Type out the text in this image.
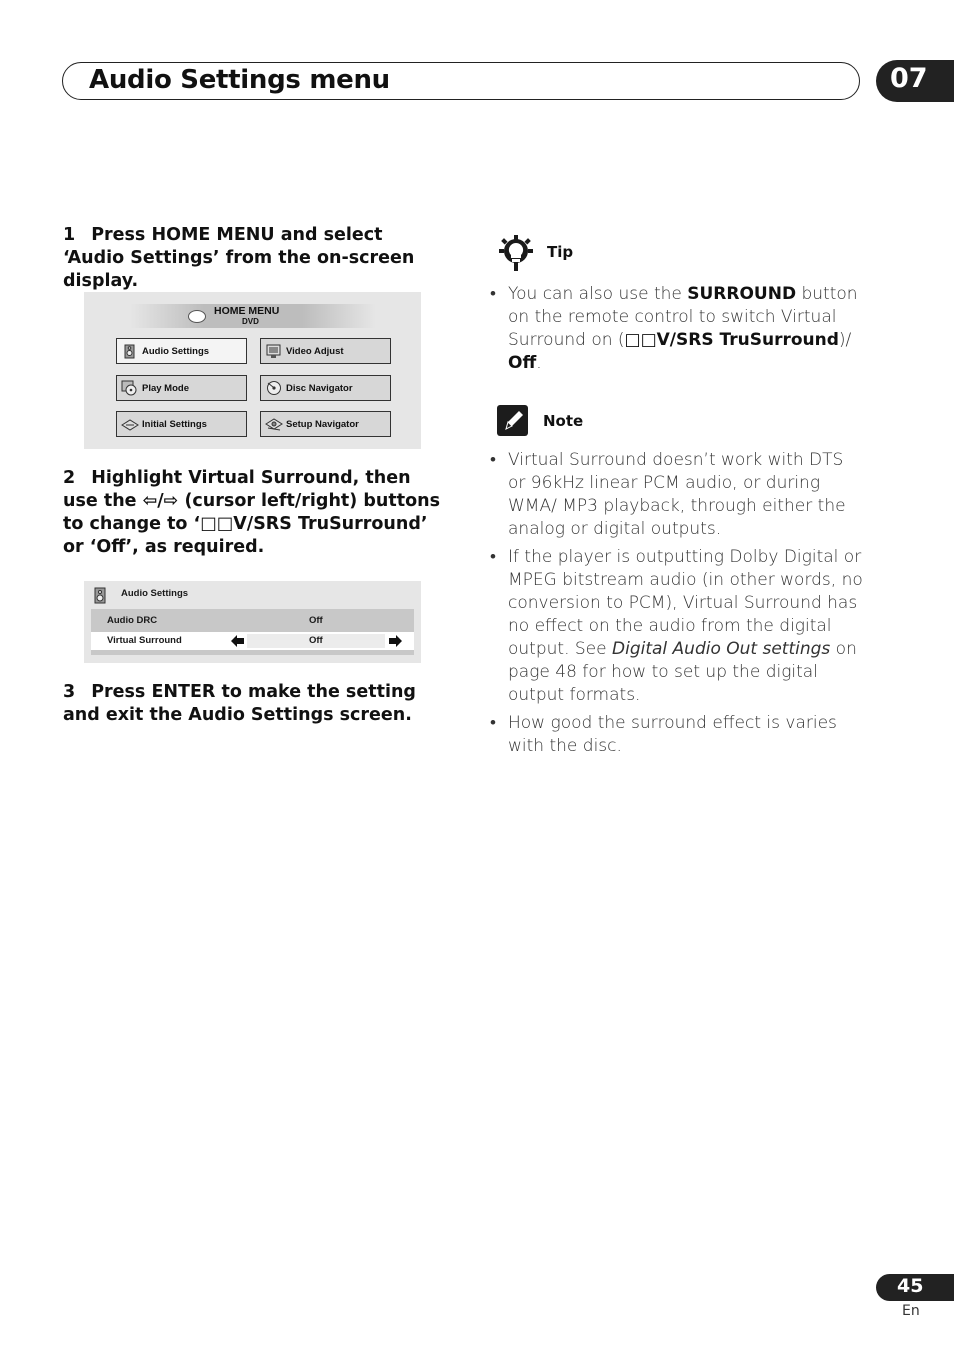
Audio Settings menu	07
1 Press HOME MENU and select ‘Audio Settings’ from the on-screen display.
HOME MENU
DVD
Audio Settings	Video Adjust
Play Mode	Disc Navigator
Initial Settings	Setup Navigator
2 Highlight Virtual Surround, then use the ⇦/⇨ (cursor left/right) buttons to change to ‘□□V/SRS TruSurround’ or ‘Off’, as required.
Audio Settings
Audio DRC	Off
Virtual Surround	Off
3 Press ENTER to make the setting and exit the Audio Settings screen.
Tip
• You can also use the SURROUND button on the remote control to switch Virtual Surround on (□□V/SRS TruSurround)/ Off.
Note
• Virtual Surround doesn’t work with DTS or 96kHz linear PCM audio, or during WMA/ MP3 playback, through either the analog or digital outputs.
• If the player is outputting Dolby Digital or MPEG bitstream audio (in other words, no conversion to PCM), Virtual Surround has no effect on the audio from the digital output. See Digital Audio Out settings on page 48 for how to set up the digital output formats.
• How good the surround effect is varies with the disc.
45
En
